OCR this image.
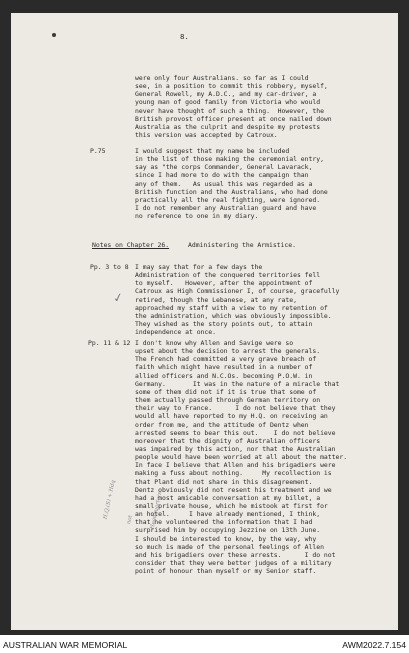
8.
were only four Australians. so far as I could
see, in a position to commit this robbery, myself,
General Rowell, my A.D.C., and my car-driver, a
young man of good family from Victoria who would
never have thought of such a thing.  However, the
British provost officer present at once nailed down
Australia as the culprit and despite my protests
this version was accepted by Catroux.
P.75	I would suggest that my name be included
in the list of those making the ceremonial entry,
say as "the corps Commander, General Lavarack,
since I had more to do with the campaign than
any of them.   As usual this was regarded as a
British function and the Australians, who had done
practically all the real fighting, were ignored.
I do not remember any Australian guard and have
no reference to one in my diary.
Notes on Chapter 26.	Administering the Armistice.
Pp. 3 to 8 I may say that for a few days the
Administration of the conquered territories fell
to myself.   However, after the appointment of
Catroux as High Commissioner I, of course, gracefully
retired, though the Lebanese, at any rate,
approached my staff with a view to my retention of
the administration, which was obviously impossible.
They wished as the story points out, to attain
independence at once.
✓
Pp. 11 & 12 I don't know why Allen and Savige were so
upset about the decision to arrest the generals.
The French had committed a very grave breach of
faith which might have resulted in a number of
allied officers and N.C.Os. becoming P.O.W. in
Germany.       It was in the nature of a miracle that
some of them did not if it is true that some of
them actually passed through German territory on
their way to France.      I do not believe that they
would all have reported to my H.Q. on receiving an
order from me, and the attitude of Dentz when
arrested seems to bear this out.    I do not believe
moreover that the dignity of Australian officers
was impaired by this action, nor that the Australian
people would have been worried at all about the matter.
In face I believe that Allen and his brigadiers were
making a fuss about nothing.     My recollection is
that Plant did not share in this disagreement.
Dentz obviously did not resent his treatment and we
had a most amicable conversation at my billet, a
small private house, which he mistook at first for
an hotel.     I have already mentioned, I think,
that he volunteered the information that I had
surprised him by occupying Jezzine on 13th June.
I should be interested to know, by the way, why
so much is made of the personal feelings of Allen
and his brigadiers over these arrests.      I do not
consider that they were better judges of a military
point of honour than myself or my Senior staff.

H.Q.(S) + Hdq

not

	Headquarters

AUSTRALIAN WAR MEMORIAL	AWM2022.7.154
